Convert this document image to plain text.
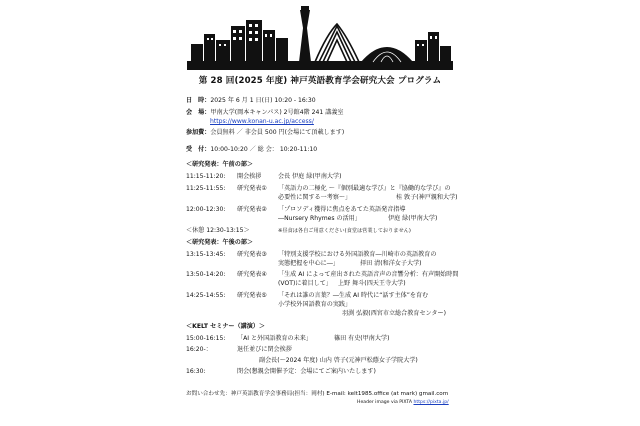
第 28 回(2025 年度) 神戸英語教育学会研究大会 プログラム
日　時：2025 年 6 月 1 日(日) 10:20 - 16:30
会　場：甲南大学(岡本キャンパス) 2号館4階 241 講義室
https://www.konan-u.ac.jp/access/
参加費：会員無料 ／ 非会員 500 円(会場にて頂載します)
受　付：10:00-10:20 ／ 総 会： 10:20-11:10
＜研究発表：午前の部＞
11:15-11:20: 開会挨拶	会長 伊庭 緑(甲南大学)
11:25-11:55: 研究発表① 「英語力の二極化 ～『個別最適な学び』と『協働的な学び』の
必要性に関する一考察～」	桂 敦子(神戸親和大学)
12:00-12:30: 研究発表② 「プロソディ獲得に焦点をあてた英語発音指導
―Nursery Rhymes の活用」	伊庭 緑(甲南大学)
＜休憩 12:30-13:15＞	※昼食は各自ご用意ください(食堂は営業しておりません)
＜研究発表：午後の部＞
13:15-13:45: 研究発表③ 「特別支援学校における外国語教育―川崎市の英語教育の
実態把握を中心に―」	拝田 清(和洋女子大学)
13:50-14:20: 研究発表④ 「生成 AI によって産出された英語音声の音響分析：有声開始時間
(VOT)に着目して」 上野 舞斗(四天王寺大学)
14:25-14:55: 研究発表⑤ 「それは誰の言葉？―生成 AI 時代に“話す主体”を育む
小学校外国語教育の実践」
羽渕 弘毅(西宮市立総合教育センター)
＜KELT セミナー（講演）＞
15:00-16:15: 「AI と外国語教育の未来」	篠田 有史(甲南大学)
16:20-：	退任並びに閉会挨拶
副会長(～2024 年度) 山内 啓子(元神戸松蔭女子学院大学)
16:30:	閉会(懇親会開催予定：会場にてご案内いたします)
お問い合わせ先：神戸英語教育学会事務局(担当：岡村) E-mail: kelt1985.office (at mark) gmail.com
Header image via PIXTA https://pixta.jp/
